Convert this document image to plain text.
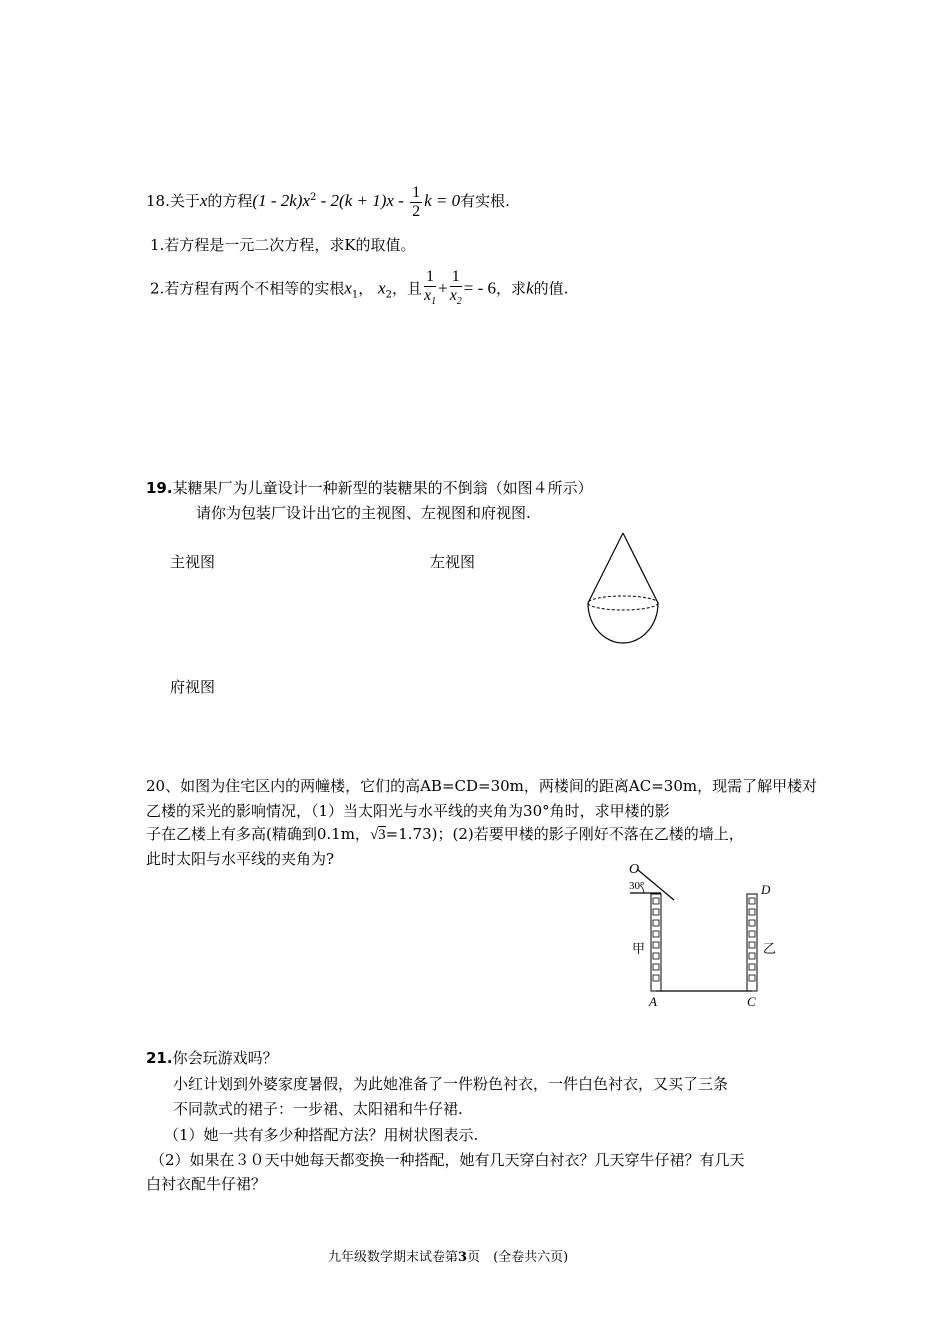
18.关于x的方程$(1 - 2k)x^2 - 2(k + 1)x - \frac{1}{2}$ k = 0有实根.
1.若方程是一元二次方程，求K的取值。
2.若方程有两个不相等的实根$x_1$， $x_2$，且 $\frac{1}{x_1} + \frac{1}{x_2}$ = - 6，求k的值.
19.某糖果厂为儿童设计一种新型的装糖果的不倒翁（如图４所示）
请你为包装厂设计出它的主视图、左视图和府视图.
主视图	左视图
府视图
20、如图为住宅区内的两幢楼，它们的高AB=CD=30m，两楼间的距离AC=30m，现需了解甲楼对
乙楼的采光的影响情况，（1）当太阳光与水平线的夹角为30°角时，求甲楼的影
子在乙楼上有多高(精确到0.1m，√3=1.73)；(2)若要甲楼的影子刚好不落在乙楼的墙上，
此时太阳与水平线的夹角为?
O
30°
甲	乙
A	C
D
21.你会玩游戏吗？
小红计划到外婆家度暑假，为此她准备了一件粉色衬衣，一件白色衬衣，又买了三条
不同款式的裙子：一步裙、太阳裙和牛仔裙.
（1）她一共有多少种搭配方法？用树状图表示.
（2）如果在３０天中她每天都变换一种搭配，她有几天穿白衬衣？几天穿牛仔裙？有几天
白衬衣配牛仔裙？
九年级数学期末试卷第3页　(全卷共六页)
